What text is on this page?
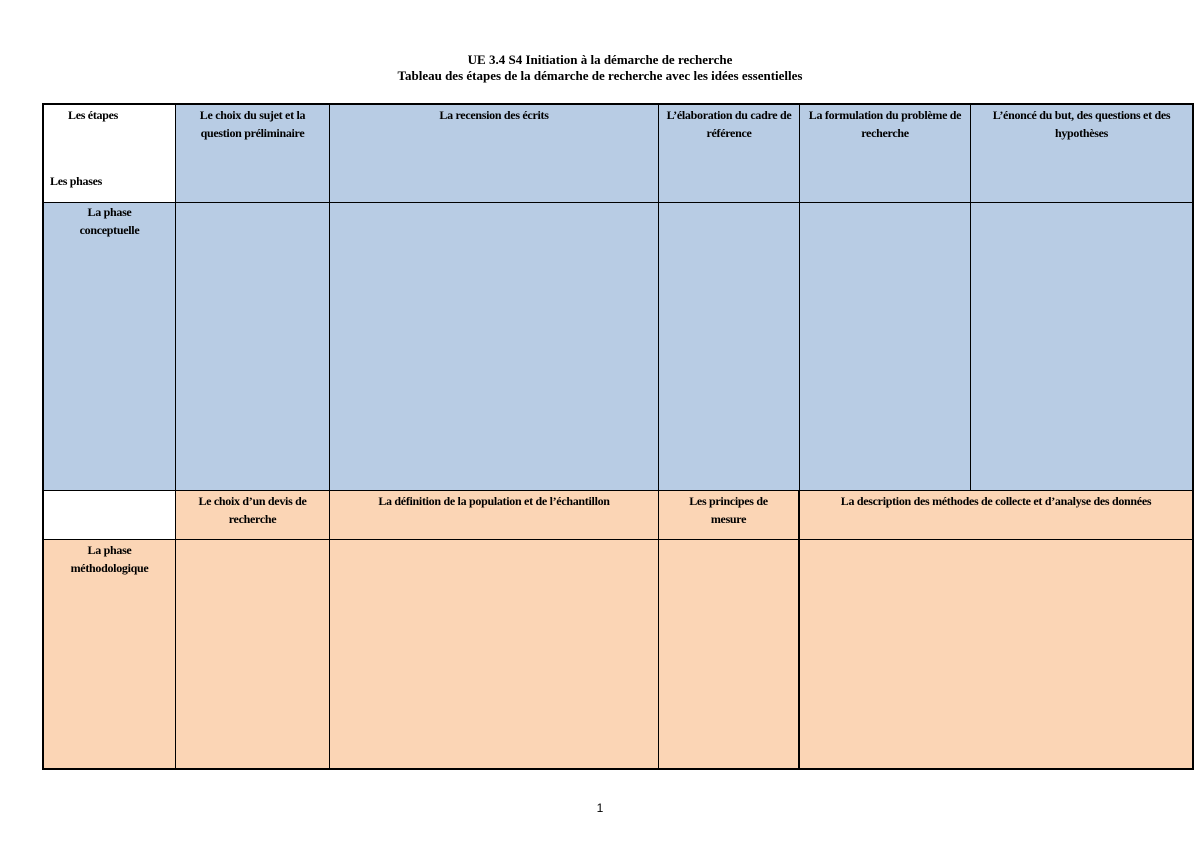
UE 3.4 S4 Initiation à la démarche de recherche
Tableau des étapes de la démarche de recherche avec les idées essentielles
Les étapes
Les phases
Le choix du sujet et la question préliminaire
La recension des écrits	L’élaboration du cadre de référence
La formulation du problème de recherche
L’énoncé du but, des questions et des hypothèses
La phase conceptuelle
Le choix d’un devis de recherche
La définition de la population et de l’échantillon	Les principes de mesure
La description des méthodes de collecte et d’analyse des données
La phase méthodologique
1
